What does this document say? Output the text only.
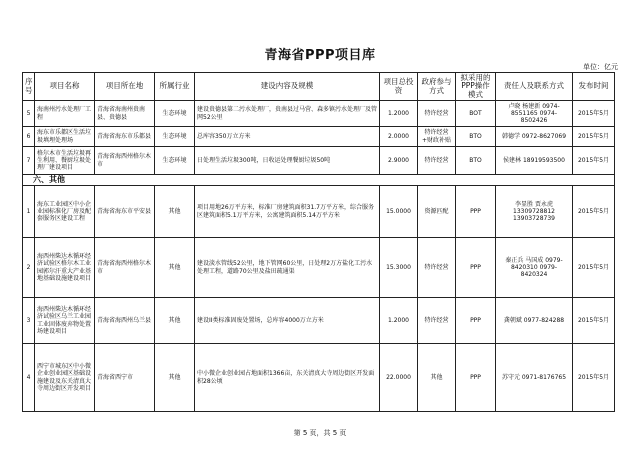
青海省PPP项目库
单位：亿元
序号	项目名称	项目所在地	所属行业	建设内容及规模	项目总投资	政府参与方式	拟采用的PPP操作模式	责任人及联系方式	发布时间
5	海南州污水处理厂工程	青海省海南州贵南县、贵德县	生态环境	建设贵德县第二污水处理厂，贵南县过马营、森多镇污水处理厂及管网52公里	1.2000	特许经营	BOT	卢晓 杨建新 0974-8551165 0974-8502426	2015年5月
6	海东市乐都区生活垃圾填埋处理场	青海省海东市乐都县	生态环境	总库容350万立方米	2.0000	特许经营+财政补贴	BTO	韩德学 0972-8627069	2015年5月
7	格尔木市生活垃圾再生利用、餐厨垃圾处理厂建设项目	青海省海西州格尔木市	生态环境	日处理生活垃圾300吨，日收运处理餐厨垃圾50吨	2.9000	特许经营	BTO	侯建林 18919593500	2015年5月
六、其他									
1	海东工业园区中小企业园标准化厂房及配套服务区建设工程	青海省海东市平安县	其他	项目用地26万平方米，标准厂房建筑面积31.7万平方米，综合服务区建筑面积5.1万平方米，公寓建筑面积5.14万平方米	15.0000	资源匹配	PPP	李显胜 贾永虎 13309728812 13903728739	2015年5月
2	海西州柴达木循环经济试验区格尔木工业园郭尔汗重大产业基地基础设施建设项目	青海省海西州格尔木市	其他	建设淡水管线52公里，地下管网60公里，日处理2万方盐化工污水处理工程，道路70公里及盐田疏通渠	15.3000	特许经营	PPP	秦正兵 马国成 0979-8420310 0979-8420324	2015年5月
3	海西州柴达木循环经济试验区乌兰工业园工业固体废弃物处置场建设项目	青海省海西州乌兰县	其他	建设II类标准固废处置场，总库容4000万立方米	1.2000	特许经营	PPP	龚朝斌 0977-824288	2015年5月
4	西宁市城东区中小微企业创业园区基础设施建设及东关清真大寺周边街区开发项目	青海省西宁市	其他	中小微企业创业园占地面积1366亩，东关清真大寺周边街区开发面积28公顷	22.0000	其他	PPP	苏守元 0971-8176765	2015年5月
第 5 页，共 5 页
